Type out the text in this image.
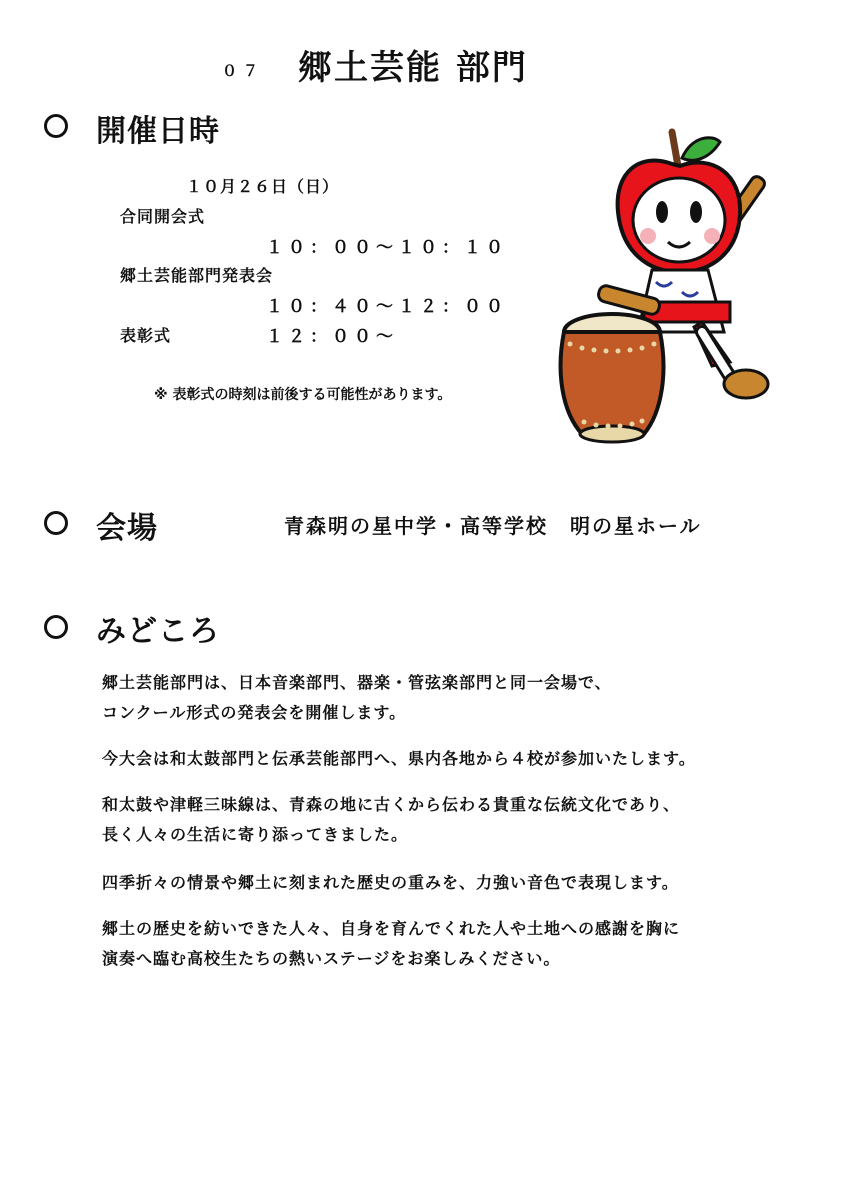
０７ 郷土芸能 部門
開催日時
１０月２６日（日）
合同開会式
１０：００～１０：１０
郷土芸能部門発表会
１０：４０～１２：００
表彰式	１２：００～
※ 表彰式の時刻は前後する可能性があります。
会場	青森明の星中学・高等学校　明の星ホール
みどころ
郷土芸能部門は、日本音楽部門、器楽・管弦楽部門と同一会場で、
コンクール形式の発表会を開催します。
今大会は和太鼓部門と伝承芸能部門へ、県内各地から４校が参加いたします。
和太鼓や津軽三味線は、青森の地に古くから伝わる貴重な伝統文化であり、
長く人々の生活に寄り添ってきました。
四季折々の情景や郷土に刻まれた歴史の重みを、力強い音色で表現します。
郷土の歴史を紡いできた人々、自身を育んでくれた人や土地への感謝を胸に
演奏へ臨む高校生たちの熱いステージをお楽しみください。
